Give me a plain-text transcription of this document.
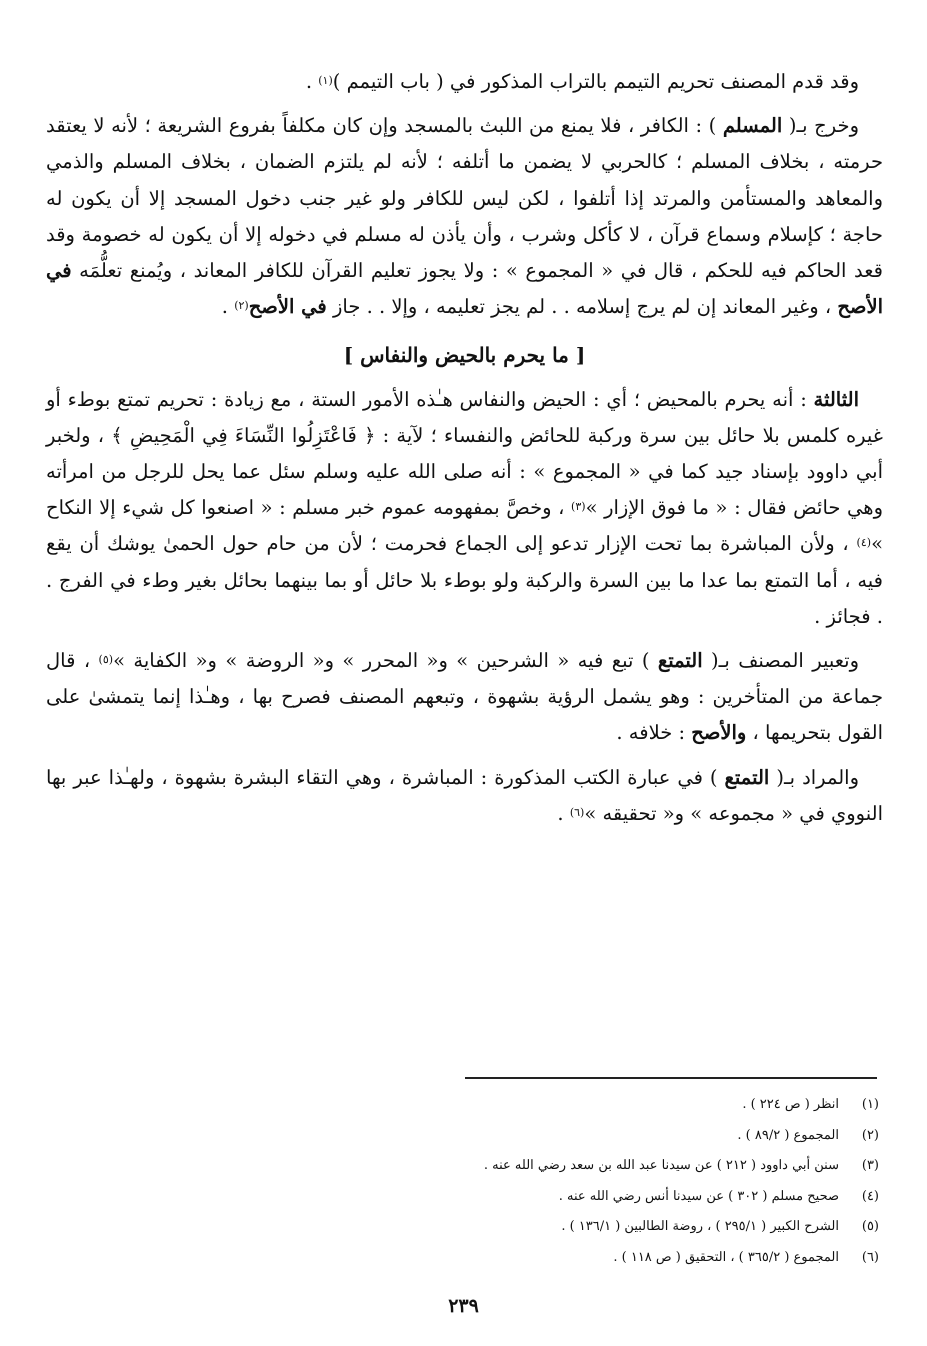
وقد قدم المصنف تحريم التيمم بالتراب المذكور في ( باب التيمم )$^{(١)}$ .

وخرج بـ( المسلم ) : الكافر ، فلا يمنع من اللبث بالمسجد وإن كان مكلفاً بفروع الشريعة ؛ لأنه لا يعتقد حرمته ، بخلاف المسلم ؛ كالحربي لا يضمن ما أتلفه ؛ لأنه لم يلتزم الضمان ، بخلاف المسلم والذمي والمعاهد والمستأمن والمرتد إذا أتلفوا ، لكن ليس للكافر ولو غير جنب دخول المسجد إلا أن يكون له حاجة ؛ كإسلام وسماع قرآن ، لا كأكل وشرب ، وأن يأذن له مسلم في دخوله إلا أن يكون له خصومة وقد قعد الحاكم فيه للحكم ، قال في « المجموع » : ولا يجوز تعليم القرآن للكافر المعاند ، ويُمنع تعلُّمَه في الأصح ، وغير المعاند إن لم يرج إسلامه . . لم يجز تعليمه ، وإلا . . جاز في الأصح$^{(٢)}$ .

[ ما يحرم بالحيض والنفاس ]

الثالثة : أنه يحرم بالمحيض ؛ أي : الحيض والنفاس هـٰذه الأمور الستة ، مع زيادة : تحريم تمتع بوطء أو غيره كلمس بلا حائل بين سرة وركبة للحائض والنفساء ؛ لآية : ﴿ فَاعْتَزِلُوا النِّسَاءَ فِي الْمَحِيضِ ﴾ ، ولخبر أبي داوود بإسناد جيد كما في « المجموع » : أنه صلى الله عليه وسلم سئل عما يحل للرجل من امرأته وهي حائض فقال : « ما فوق الإزار »$^{(٣)}$ ، وخصَّ بمفهومه عموم خبر مسلم : « اصنعوا كل شيء إلا النكاح »$^{(٤)}$ ، ولأن المباشرة بما تحت الإزار تدعو إلى الجماع فحرمت ؛ لأن من حام حول الحمىٰ يوشك أن يقع فيه ، أما التمتع بما عدا ما بين السرة والركبة ولو بوطء بلا حائل أو بما بينهما بحائل بغير وطء في الفرج . . فجائز .

وتعبير المصنف بـ( التمتع ) تبع فيه « الشرحين » و« المحرر » و« الروضة » و« الكفاية »$^{(٥)}$ ، قال جماعة من المتأخرين : وهو يشمل الرؤية بشهوة ، وتبعهم المصنف فصرح بها ، وهـٰذا إنما يتمشىٰ على القول بتحريمها ، والأصح : خلافه .

والمراد بـ( التمتع ) في عبارة الكتب المذكورة : المباشرة ، وهي التقاء البشرة بشهوة ، ولهـٰذا عبر بها النووي في « مجموعه » و« تحقيقه »$^{(٦)}$ .

(١)
انظر ( ص ٢٢٤ ) .
(٢)
المجموع ( ٨٩/٢ ) .
(٣)
سنن أبي داوود ( ٢١٢ ) عن سيدنا عبد الله بن سعد رضي الله عنه .
(٤)
صحيح مسلم ( ٣٠٢ ) عن سيدنا أنس رضي الله عنه .
(٥)
الشرح الكبير ( ٢٩٥/١ ) ، روضة الطالبين ( ١٣٦/١ ) .
(٦)
المجموع ( ٣٦٥/٢ ) ، التحقيق ( ص ١١٨ ) .
٢٣٩
